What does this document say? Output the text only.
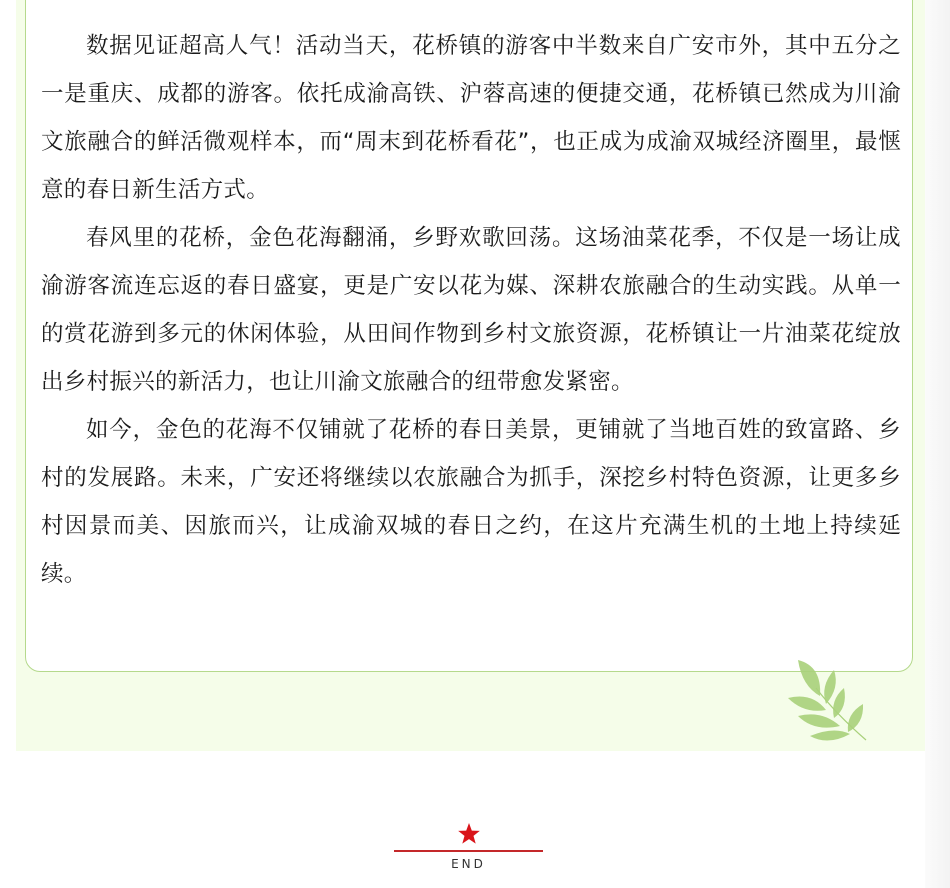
数据见证超高人气！活动当天，花桥镇的游客中半数来自广安市外，其中五分之一是重庆、成都的游客。依托成渝高铁、沪蓉高速的便捷交通，花桥镇已然成为川渝文旅融合的鲜活微观样本，而“周末到花桥看花”，也正成为成渝双城经济圈里，最惬意的春日新生活方式。

春风里的花桥，金色花海翻涌，乡野欢歌回荡。这场油菜花季，不仅是一场让成渝游客流连忘返的春日盛宴，更是广安以花为媒、深耕农旅融合的生动实践。从单一的赏花游到多元的休闲体验，从田间作物到乡村文旅资源，花桥镇让一片油菜花绽放出乡村振兴的新活力，也让川渝文旅融合的纽带愈发紧密。

如今，金色的花海不仅铺就了花桥的春日美景，更铺就了当地百姓的致富路、乡村的发展路。未来，广安还将继续以农旅融合为抓手，深挖乡村特色资源，让更多乡村因景而美、因旅而兴，让成渝双城的春日之约，在这片充满生机的土地上持续延续。

END
